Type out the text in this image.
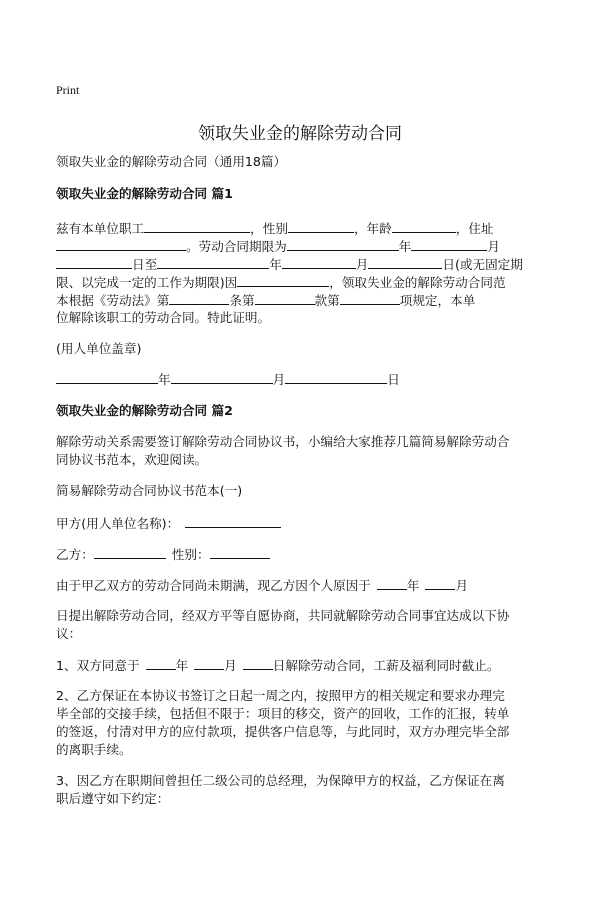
Print
领取失业金的解除劳动合同
领取失业金的解除劳动合同（通用18篇）
领取失业金的解除劳动合同 篇1
兹有本单位职工	，性别	，年龄	，住址
。劳动合同期限为	年	月
日至	年	月	日(或无固定期
限、以完成一定的工作为期限)因	，领取失业金的解除劳动合同范
本根据《劳动法》第	条第	款第	项规定，本单
位解除该职工的劳动合同。特此证明。
(用人单位盖章)
年	月	日
领取失业金的解除劳动合同 篇2
解除劳动关系需要签订解除劳动合同协议书，小编给大家推荐几篇简易解除劳动合
同协议书范本，欢迎阅读。
简易解除劳动合同协议书范本(一)
甲方(用人单位名称)：
乙方：	性别：
由于甲乙双方的劳动合同尚未期满，现乙方因个人原因于	年	月
日提出解除劳动合同，经双方平等自愿协商，共同就解除劳动合同事宜达成以下协
议：
1、双方同意于	年	月	日解除劳动合同，工薪及福利同时截止。
2、乙方保证在本协议书签订之日起一周之内，按照甲方的相关规定和要求办理完
毕全部的交接手续，包括但不限于：项目的移交，资产的回收，工作的汇报，转单
的签返，付清对甲方的应付款项，提供客户信息等，与此同时，双方办理完毕全部
的离职手续。
3、因乙方在职期间曾担任二级公司的总经理，为保障甲方的权益，乙方保证在离
职后遵守如下约定：
